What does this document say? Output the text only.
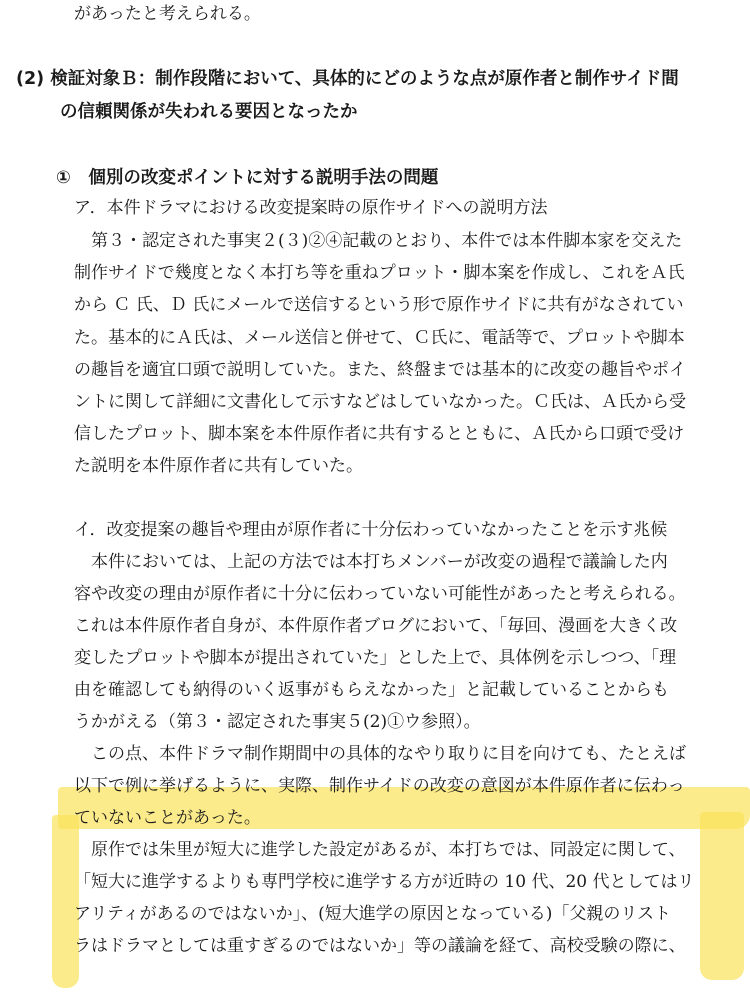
があったと考えられる。
(2) 検証対象Ｂ：制作段階において、具体的にどのような点が原作者と制作サイド間
の信頼関係が失われる要因となったか
①　個別の改変ポイントに対する説明手法の問題
ア．本件ドラマにおける改変提案時の原作サイドへの説明方法
第３・認定された事実２(３)②④記載のとおり、本件では本件脚本家を交えた
制作サイドで幾度となく本打ち等を重ねプロット・脚本案を作成し、これをＡ氏
から Ｃ 氏、Ｄ 氏にメールで送信するという形で原作サイドに共有がなされてい
た。基本的にＡ氏は、メール送信と併せて、Ｃ氏に、電話等で、プロットや脚本
の趣旨を適宜口頭で説明していた。また、終盤までは基本的に改変の趣旨やポイ
ントに関して詳細に文書化して示すなどはしていなかった。Ｃ氏は、Ａ氏から受
信したプロット、脚本案を本件原作者に共有するとともに、Ａ氏から口頭で受け
た説明を本件原作者に共有していた。
イ．改変提案の趣旨や理由が原作者に十分伝わっていなかったことを示す兆候
本件においては、上記の方法では本打ちメンバーが改変の過程で議論した内
容や改変の理由が原作者に十分に伝わっていない可能性があったと考えられる。
これは本件原作者自身が、本件原作者ブログにおいて、「毎回、漫画を大きく改
変したプロットや脚本が提出されていた」とした上で、具体例を示しつつ、「理
由を確認しても納得のいく返事がもらえなかった」と記載していることからも
うかがえる（第３・認定された事実５(2)①ウ参照）。
この点、本件ドラマ制作期間中の具体的なやり取りに目を向けても、たとえば
以下で例に挙げるように、実際、制作サイドの改変の意図が本件原作者に伝わっ
ていないことがあった。
原作では朱里が短大に進学した設定があるが、本打ちでは、同設定に関して、
「短大に進学するよりも専門学校に進学する方が近時の 10 代、20 代としてはリ
アリティがあるのではないか」、(短大進学の原因となっている)「父親のリスト
ラはドラマとしては重すぎるのではないか」等の議論を経て、高校受験の際に、
